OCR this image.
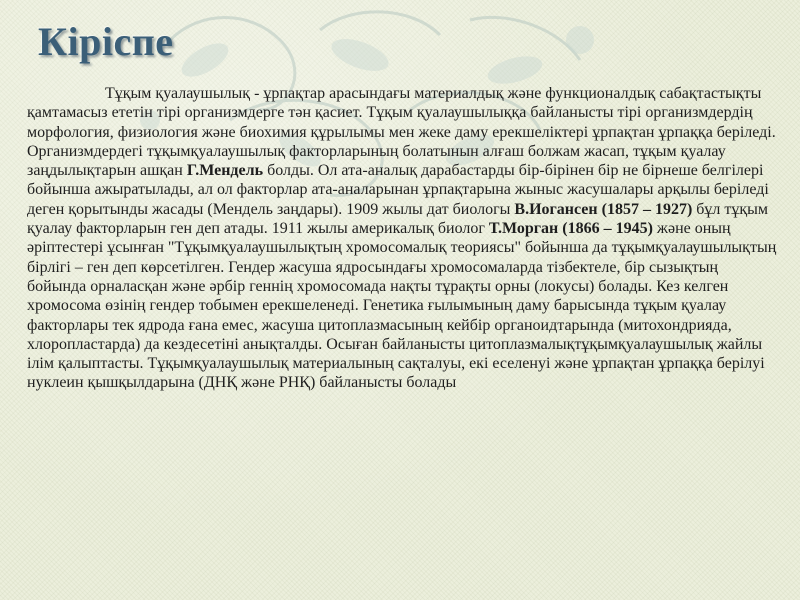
Кіріспе

Тұқым қуалаушылық - ұрпақтар арасындағы материалдық және функционалдық сабақтастықты қамтамасыз ететін тірі организмдерге тән қасиет. Тұқым қуалаушылыққа байланысты тірі организмдердің морфология, физиология және биохимия құрылымы мен жеке даму ерекшеліктері ұрпақтан ұрпаққа беріледі. Организмдердегі тұқымқуалаушылық факторларының болатынын алғаш болжам жасап, тұқым қуалау заңдылықтарын ашқан Г.Мендель болды. Ол ата-аналық дарабастарды бір-бірінен бір не бірнеше белгілері бойынша ажыратылады, ал ол факторлар ата-аналарынан ұрпақтарына жыныс жасушалары арқылы беріледі деген қорытынды жасады (Мендель заңдары). 1909 жылы дат биологы В.Иогансен (1857 – 1927) бұл тұқым қуалау факторларын ген деп атады. 1911 жылы америкалық биолог Т.Морган (1866 – 1945) және оның әріптестері ұсынған "Тұқымқуалаушылықтың хромосомалық теориясы" бойынша да тұқымқуалаушылықтың бірлігі – ген деп көрсетілген. Гендер жасуша ядросындағы хромосомаларда тізбектеле, бір сызықтың бойында орналасқан және әрбір геннің хромосомада нақты тұрақты орны (локусы) болады. Кез келген хромосома өзінің гендер тобымен ерекшеленеді. Генетика ғылымының даму барысында тұқым қуалау факторлары тек ядрода ғана емес, жасуша цитоплазмасының кейбір органоидтарында (митохондрияда, хлоропластарда) да кездесетіні анықталды. Осыған байланысты цитоплазмалықтұқымқуалаушылық жайлы ілім қалыптасты. Тұқымқуалаушылық материалының сақталуы, екі еселенуі және ұрпақтан ұрпаққа берілуі нуклеин қышқылдарына (ДНҚ және РНҚ) байланысты болады
